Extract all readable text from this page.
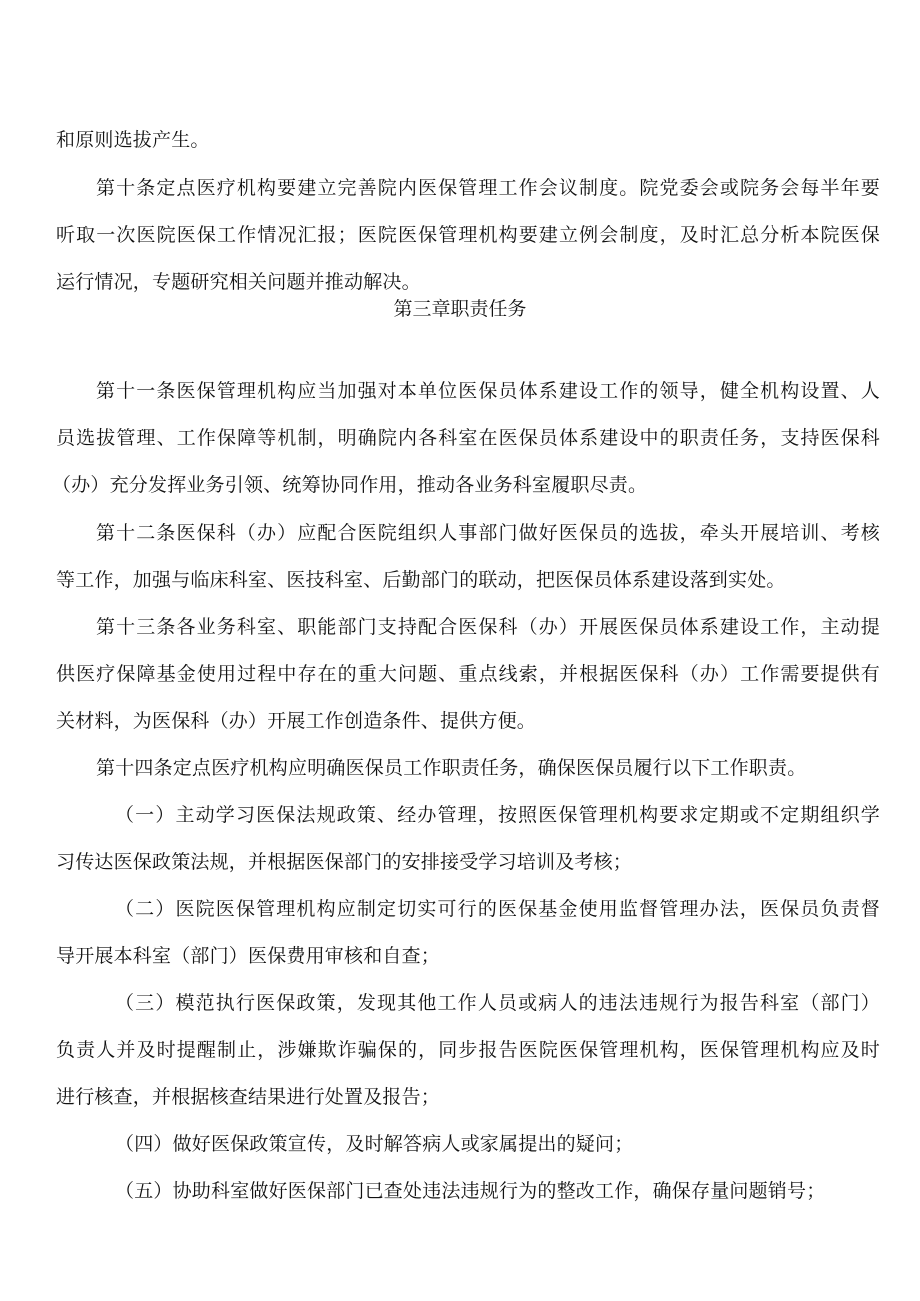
和原则选拔产生。
第十条定点医疗机构要建立完善院内医保管理工作会议制度。院党委会或院务会每半年要
听取一次医院医保工作情况汇报；医院医保管理机构要建立例会制度，及时汇总分析本院医保
运行情况，专题研究相关问题并推动解决。
第三章职责任务
第十一条医保管理机构应当加强对本单位医保员体系建设工作的领导，健全机构设置、人
员选拔管理、工作保障等机制，明确院内各科室在医保员体系建设中的职责任务，支持医保科
（办）充分发挥业务引领、统筹协同作用，推动各业务科室履职尽责。
第十二条医保科（办）应配合医院组织人事部门做好医保员的选拔，牵头开展培训、考核
等工作，加强与临床科室、医技科室、后勤部门的联动，把医保员体系建设落到实处。
第十三条各业务科室、职能部门支持配合医保科（办）开展医保员体系建设工作，主动提
供医疗保障基金使用过程中存在的重大问题、重点线索，并根据医保科（办）工作需要提供有
关材料，为医保科（办）开展工作创造条件、提供方便。
第十四条定点医疗机构应明确医保员工作职责任务，确保医保员履行以下工作职责。
（一）主动学习医保法规政策、经办管理，按照医保管理机构要求定期或不定期组织学
习传达医保政策法规，并根据医保部门的安排接受学习培训及考核；
（二）医院医保管理机构应制定切实可行的医保基金使用监督管理办法，医保员负责督
导开展本科室（部门）医保费用审核和自查；
（三）模范执行医保政策，发现其他工作人员或病人的违法违规行为报告科室（部门）
负责人并及时提醒制止，涉嫌欺诈骗保的，同步报告医院医保管理机构，医保管理机构应及时
进行核查，并根据核查结果进行处置及报告；
（四）做好医保政策宣传，及时解答病人或家属提出的疑问；
（五）协助科室做好医保部门已查处违法违规行为的整改工作，确保存量问题销号；
